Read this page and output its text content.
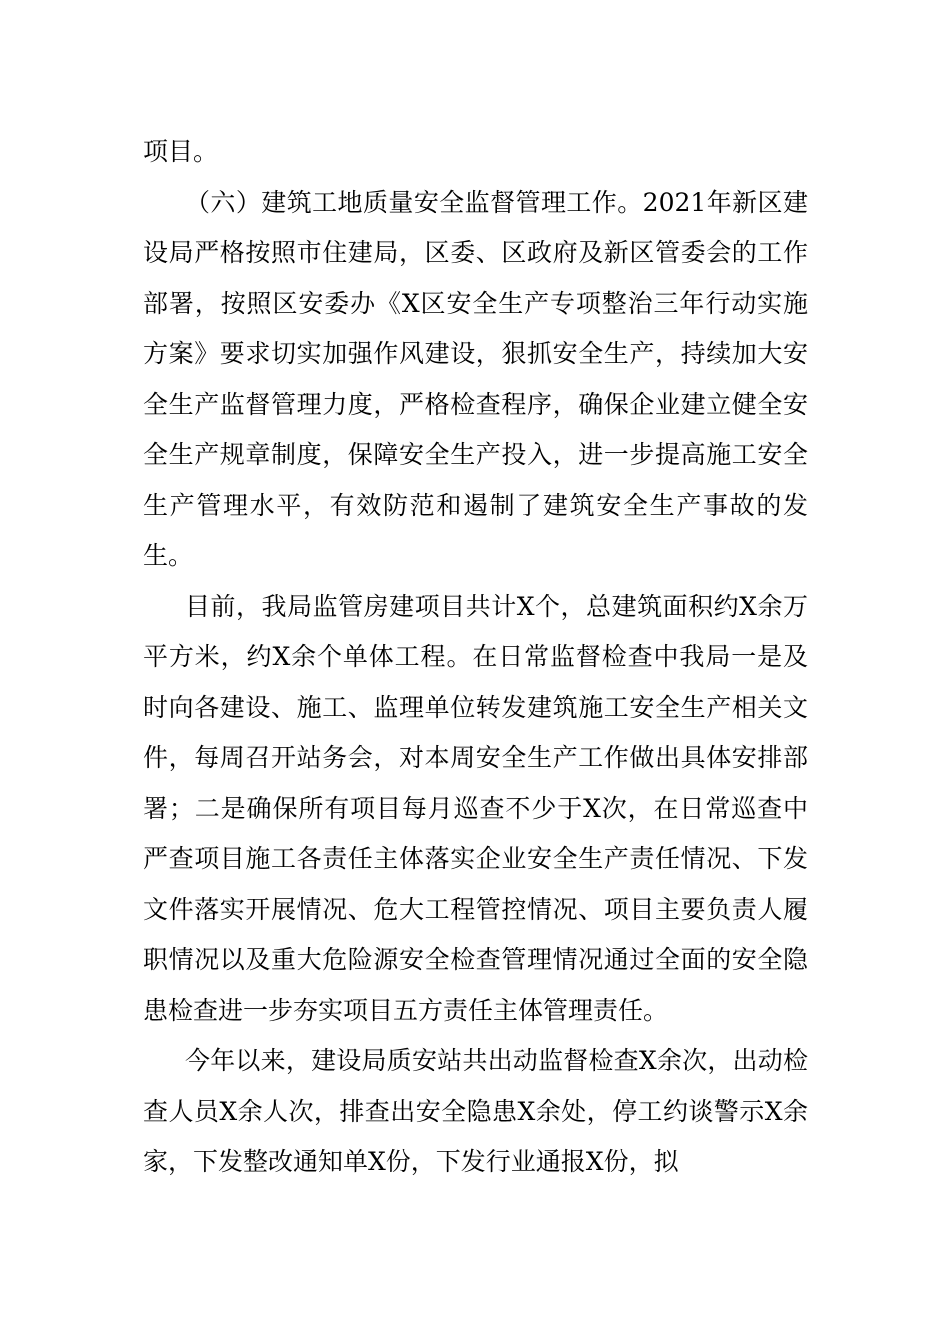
项目。

（六）建筑工地质量安全监督管理工作。2021年新区建设局严格按照市住建局，区委、区政府及新区管委会的工作部署，按照区安委办《X区安全生产专项整治三年行动实施方案》要求切实加强作风建设，狠抓安全生产，持续加大安全生产监督管理力度，严格检查程序，确保企业建立健全安全生产规章制度，保障安全生产投入，进一步提高施工安全生产管理水平，有效防范和遏制了建筑安全生产事故的发生。

目前，我局监管房建项目共计X个，总建筑面积约X余万平方米，约X余个单体工程。在日常监督检查中我局一是及时向各建设、施工、监理单位转发建筑施工安全生产相关文件，每周召开站务会，对本周安全生产工作做出具体安排部署；二是确保所有项目每月巡查不少于X次，在日常巡查中严查项目施工各责任主体落实企业安全生产责任情况、下发文件落实开展情况、危大工程管控情况、项目主要负责人履职情况以及重大危险源安全检查管理情况通过全面的安全隐患检查进一步夯实项目五方责任主体管理责任。

今年以来，建设局质安站共出动监督检查X余次，出动检查人员X余人次，排查出安全隐患X余处，停工约谈警示X余家，下发整改通知单X份，下发行业通报X份，拟
